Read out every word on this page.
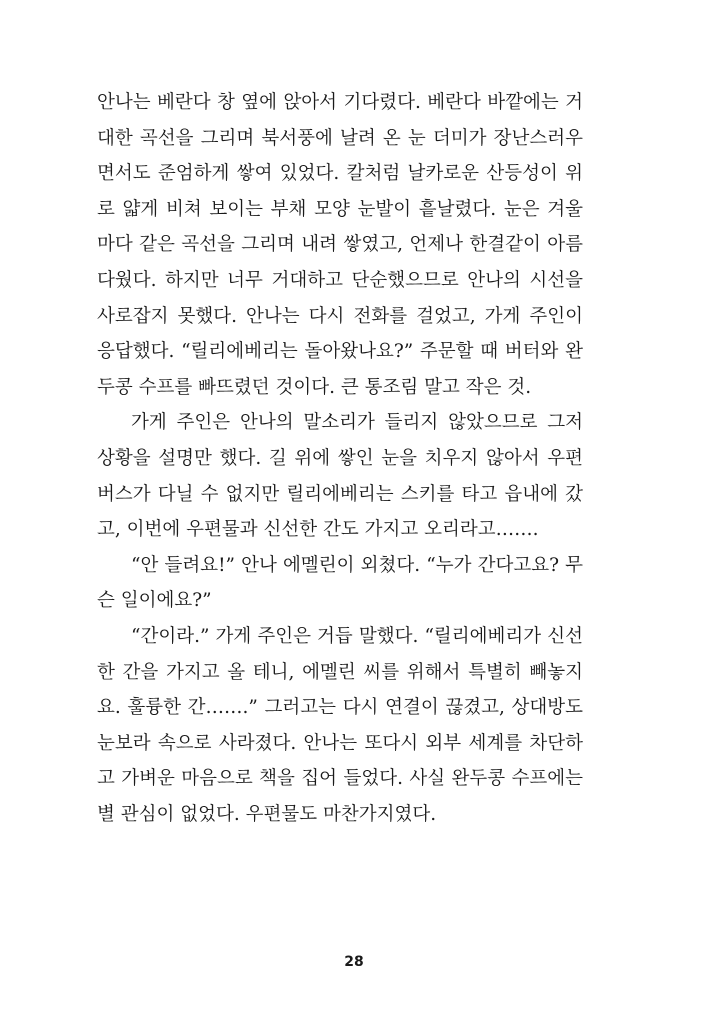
안나는 베란다 창 옆에 앉아서 기다렸다. 베란다 바깥에는 거
대한 곡선을 그리며 북서풍에 날려 온 눈 더미가 장난스러우
면서도 준엄하게 쌓여 있었다. 칼처럼 날카로운 산등성이 위
로 얇게 비쳐 보이는 부채 모양 눈발이 흩날렸다. 눈은 겨울
마다 같은 곡선을 그리며 내려 쌓였고, 언제나 한결같이 아름
다웠다. 하지만 너무 거대하고 단순했으므로 안나의 시선을
사로잡지 못했다. 안나는 다시 전화를 걸었고, 가게 주인이
응답했다. “릴리에베리는 돌아왔나요?” 주문할 때 버터와 완
두콩 수프를 빠뜨렸던 것이다. 큰 통조림 말고 작은 것.
가게 주인은 안나의 말소리가 들리지 않았으므로 그저
상황을 설명만 했다. 길 위에 쌓인 눈을 치우지 않아서 우편
버스가 다닐 수 없지만 릴리에베리는 스키를 타고 읍내에 갔
고, 이번에 우편물과 신선한 간도 가지고 오리라고…….
“안 들려요!” 안나 에멜린이 외쳤다. “누가 간다고요? 무
슨 일이에요?”
“간이라.” 가게 주인은 거듭 말했다. “릴리에베리가 신선
한 간을 가지고 올 테니, 에멜린 씨를 위해서 특별히 빼놓지
요. 훌륭한 간…….” 그러고는 다시 연결이 끊겼고, 상대방도
눈보라 속으로 사라졌다. 안나는 또다시 외부 세계를 차단하
고 가벼운 마음으로 책을 집어 들었다. 사실 완두콩 수프에는
별 관심이 없었다. 우편물도 마찬가지였다.
28
